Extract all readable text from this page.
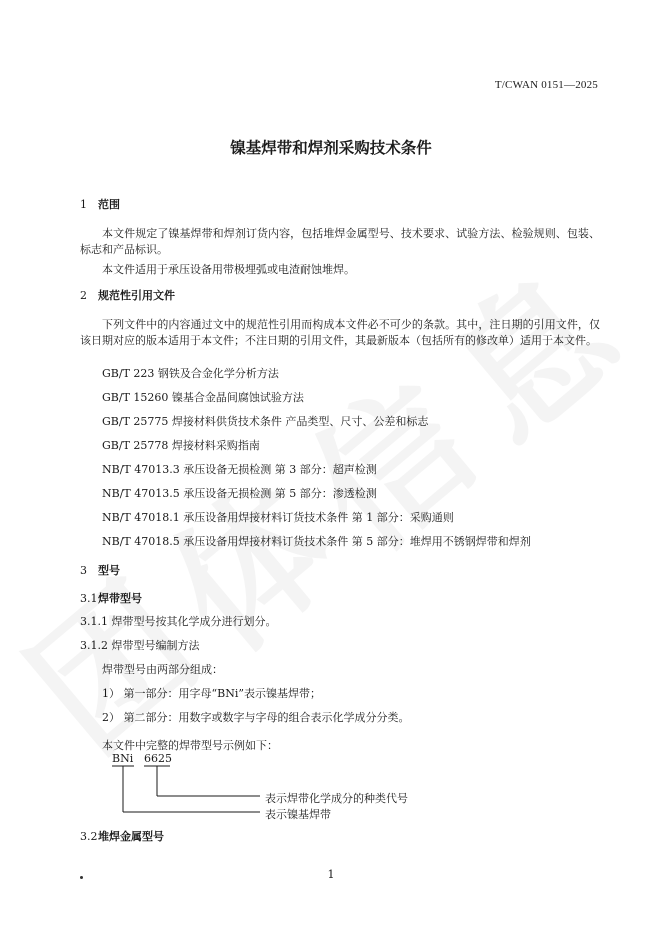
T/CWAN 0151—2025
镍基焊带和焊剂采购技术条件
1 范围
本文件规定了镍基焊带和焊剂订货内容，包括堆焊金属型号、技术要求、试验方法、检验规则、包装、标志和产品标识。
本文件适用于承压设备用带极埋弧或电渣耐蚀堆焊。
2 规范性引用文件
下列文件中的内容通过文中的规范性引用而构成本文件必不可少的条款。其中，注日期的引用文件，仅该日期对应的版本适用于本文件；不注日期的引用文件，其最新版本（包括所有的修改单）适用于本文件。
GB/T 223 钢铁及合金化学分析方法
GB/T 15260 镍基合金晶间腐蚀试验方法
GB/T 25775 焊接材料供货技术条件 产品类型、尺寸、公差和标志
GB/T 25778 焊接材料采购指南
NB/T 47013.3 承压设备无损检测 第 3 部分：超声检测
NB/T 47013.5 承压设备无损检测 第 5 部分：渗透检测
NB/T 47018.1 承压设备用焊接材料订货技术条件 第 1 部分：采购通则
NB/T 47018.5 承压设备用焊接材料订货技术条件 第 5 部分：堆焊用不锈钢焊带和焊剂
3 型号
3.1焊带型号
3.1.1 焊带型号按其化学成分进行划分。
3.1.2 焊带型号编制方法
焊带型号由两部分组成：
1） 第一部分：用字母“BNi”表示镍基焊带；
2） 第二部分：用数字或数字与字母的组合表示化学成分分类。
本文件中完整的焊带型号示例如下：
BNi 6625
表示焊带化学成分的种类代号
表示镍基焊带
3.2堆焊金属型号
1
